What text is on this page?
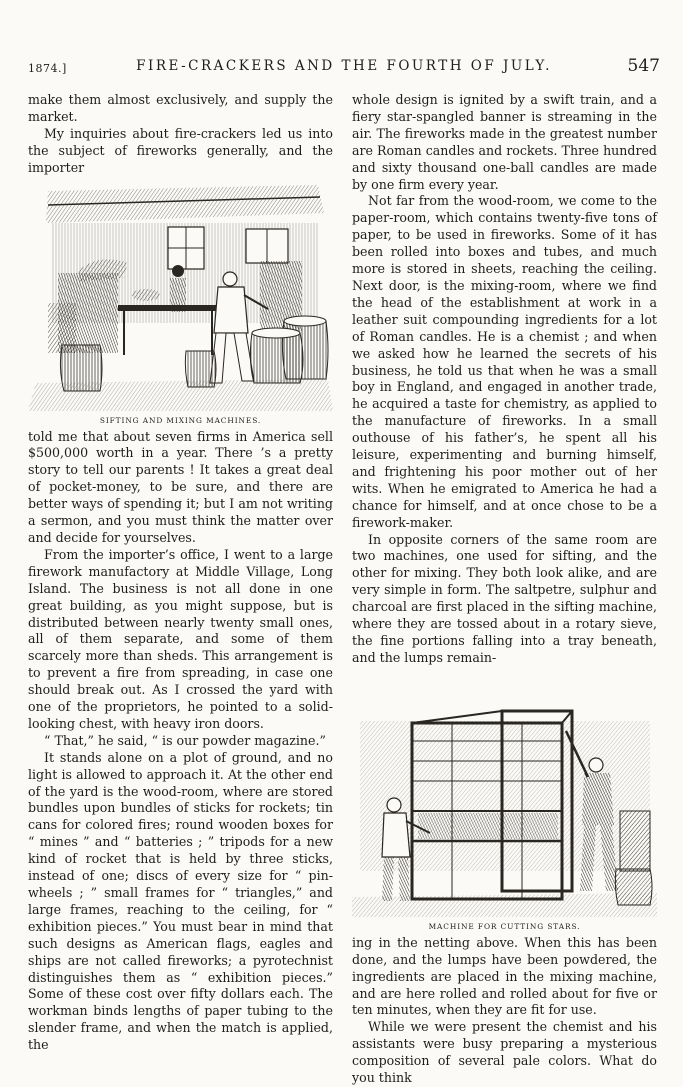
1874.]	FIRE-CRACKERS AND THE FOURTH OF JULY.	547

make them almost exclusively, and supply the market.

My inquiries about fire-crackers led us into the subject of fireworks generally, and the importer

SIFTING AND MIXING MACHINES.

told me that about seven firms in America sell $500,000 worth in a year. There ’s a pretty story to tell our parents ! It takes a great deal of pocket-money, to be sure, and there are better ways of spending it; but I am not writing a sermon, and you must think the matter over and decide for yourselves.

From the importer’s office, I went to a large firework manufactory at Middle Village, Long Island. The business is not all done in one great building, as you might suppose, but is distributed between nearly twenty small ones, all of them separate, and some of them scarcely more than sheds. This arrangement is to prevent a fire from spreading, in case one should break out. As I crossed the yard with one of the proprietors, he pointed to a solid-looking chest, with heavy iron doors.

“ That,” he said, “ is our powder magazine.”

It stands alone on a plot of ground, and no light is allowed to approach it. At the other end of the yard is the wood-room, where are stored bundles upon bundles of sticks for rockets; tin cans for colored fires; round wooden boxes for “ mines ” and “ batteries ; ” tripods for a new kind of rocket that is held by three sticks, instead of one; discs of every size for “ pin-wheels ; ” small frames for “ triangles,” and large frames, reaching to the ceiling, for “ exhibition pieces.” You must bear in mind that such designs as American flags, eagles and ships are not called fireworks; a pyrotechnist distinguishes them as “ exhibition pieces.” Some of these cost over fifty dollars each. The workman binds lengths of paper tubing to the slender frame, and when the match is applied, the

whole design is ignited by a swift train, and a fiery star-spangled banner is streaming in the air. The fireworks made in the greatest number are Roman candles and rockets. Three hundred and sixty thousand one-ball candles are made by one firm every year.

Not far from the wood-room, we come to the paper-room, which contains twenty-five tons of paper, to be used in fireworks. Some of it has been rolled into boxes and tubes, and much more is stored in sheets, reaching the ceiling. Next door, is the mixing-room, where we find the head of the establishment at work in a leather suit compounding ingredients for a lot of Roman candles. He is a chemist ; and when we asked how he learned the secrets of his business, he told us that when he was a small boy in England, and engaged in another trade, he acquired a taste for chemistry, as applied to the manufacture of fireworks. In a small outhouse of his father’s, he spent all his leisure, experimenting and burning himself, and frightening his poor mother out of her wits. When he emigrated to America he had a chance for himself, and at once chose to be a firework-maker.

In opposite corners of the same room are two machines, one used for sifting, and the other for mixing. They both look alike, and are very simple in form. The saltpetre, sulphur and charcoal are first placed in the sifting machine, where they are tossed about in a rotary sieve, the fine portions falling into a tray beneath, and the lumps remain-

MACHINE FOR CUTTING STARS.

ing in the netting above. When this has been done, and the lumps have been powdered, the ingredients are placed in the mixing machine, and are here rolled and rolled about for five or ten minutes, when they are fit for use.

While we were present the chemist and his assistants were busy preparing a mysterious composition of several pale colors. What do you think
